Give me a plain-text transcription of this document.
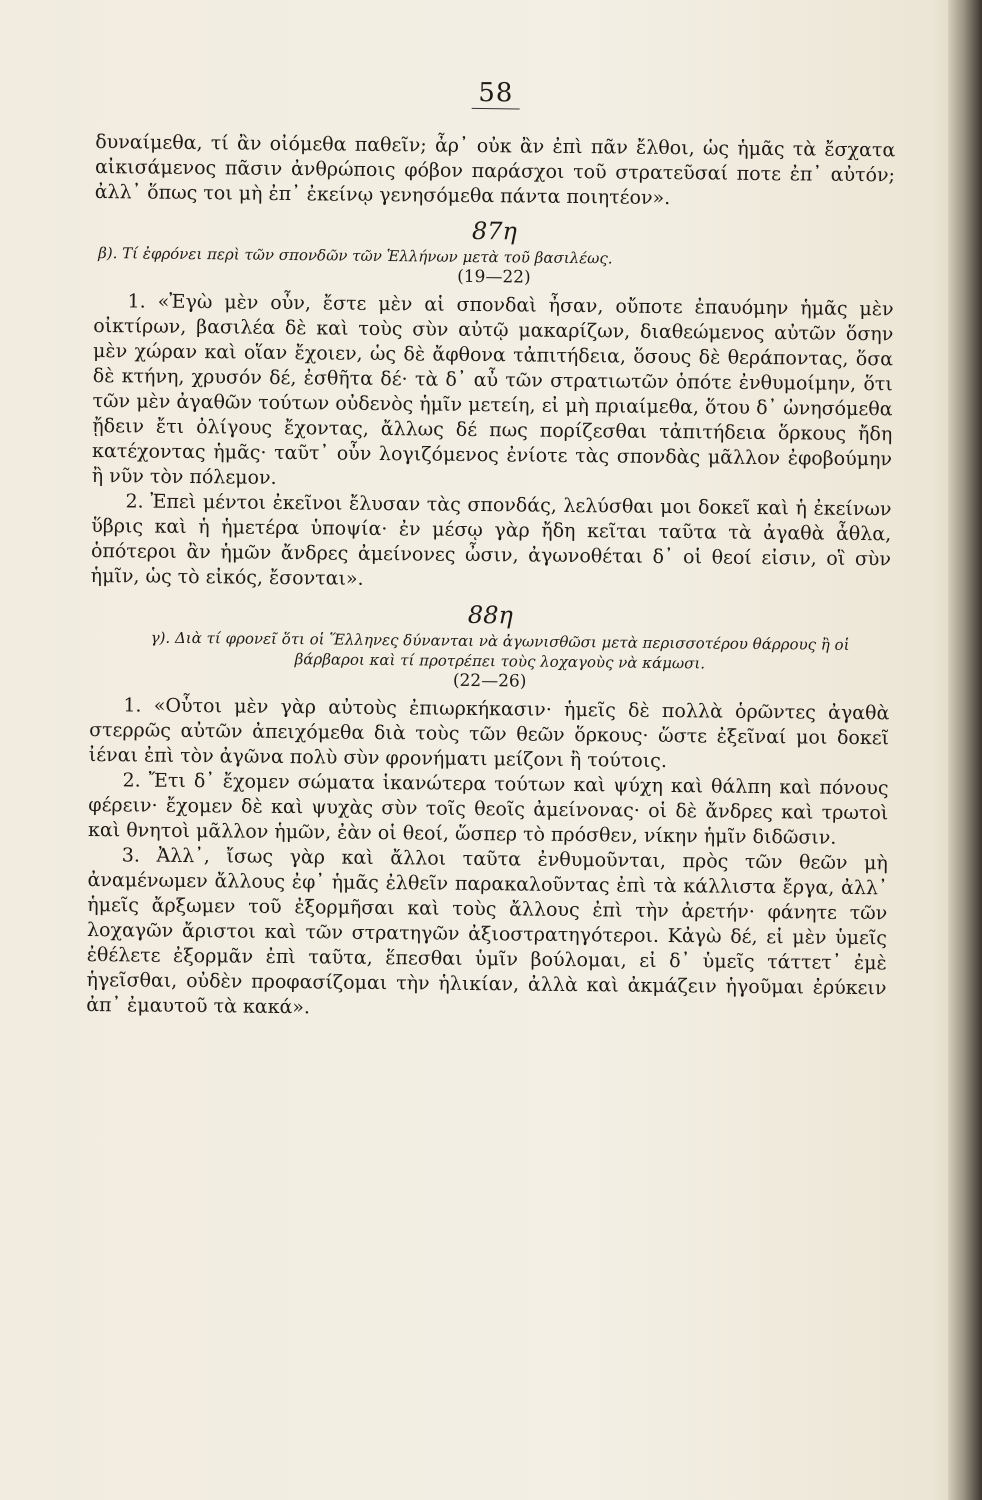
58

δυναίμεθα, τί ἂν οἰόμεθα παθεῖν; ἆρ᾽ οὐκ ἂν ἐπὶ πᾶν ἔλθοι, ὡς ἡμᾶς τὰ ἔσχατα αἰκισάμενος πᾶσιν ἀνθρώποις φόβον παράσχοι τοῦ στρατεῦσαί ποτε ἐπ᾽ αὐτόν; ἀλλ᾽ ὅπως τοι μὴ ἐπ᾽ ἐκείνῳ γενησόμεθα πάντα ποιητέον».

87η
β). Τί ἐφρόνει περὶ τῶν σπονδῶν τῶν Ἑλλήνων μετὰ τοῦ βασιλέως.
(19—22)

1. «Ἐγὼ μὲν οὖν, ἔστε μὲν αἱ σπονδαὶ ἦσαν, οὔποτε ἐπαυόμην ἡμᾶς μὲν οἰκτίρων, βασιλέα δὲ καὶ τοὺς σὺν αὐτῷ μακαρίζων, διαθεώμενος αὐτῶν ὅσην μὲν χώραν καὶ οἵαν ἔχοιεν, ὡς δὲ ἄφθονα τἀπιτήδεια, ὅσους δὲ θεράποντας, ὅσα δὲ κτήνη, χρυσόν δέ, ἐσθῆτα δέ· τὰ δ᾽ αὖ τῶν στρατιωτῶν ὁπότε ἐνθυμοίμην, ὅτι τῶν μὲν ἀγαθῶν τούτων οὐδενὸς ἡμῖν μετείη, εἰ μὴ πριαίμεθα, ὅτου δ᾽ ὠνησόμεθα ᾔδειν ἔτι ὀλίγους ἔχοντας, ἄλλως δέ πως πορίζεσθαι τἀπιτήδεια ὅρκους ἤδη κατέχοντας ἡμᾶς· ταῦτ᾽ οὖν λογιζόμενος ἐνίοτε τὰς σπονδὰς μᾶλλον ἐφοβούμην ἢ νῦν τὸν πόλεμον.

2. Ἐπεὶ μέντοι ἐκεῖνοι ἔλυσαν τὰς σπονδάς, λελύσθαι μοι δοκεῖ καὶ ἡ ἐκείνων ὕβρις καὶ ἡ ἡμετέρα ὑποψία· ἐν μέσῳ γὰρ ἤδη κεῖται ταῦτα τὰ ἀγαθὰ ἆθλα, ὁπότεροι ἂν ἡμῶν ἄνδρες ἀμείνονες ὦσιν, ἀγωνοθέται δ᾽ οἱ θεοί εἰσιν, οἳ σὺν ἡμῖν, ὡς τὸ εἰκός, ἔσονται».

88η
γ). Διὰ τί φρονεῖ ὅτι οἱ Ἕλληνες δύνανται νὰ ἀγωνισθῶσι μετὰ περισσοτέρου θάρρους ἢ οἱ βάρβαροι καὶ τί προτρέπει τοὺς λοχαγοὺς νὰ κάμωσι.
(22—26)

1. «Οὗτοι μὲν γὰρ αὐτοὺς ἐπιωρκήκασιν· ἡμεῖς δὲ πολλὰ ὁρῶντες ἀγαθὰ στερρῶς αὐτῶν ἀπειχόμεθα διὰ τοὺς τῶν θεῶν ὅρκους· ὥστε ἐξεῖναί μοι δοκεῖ ἰέναι ἐπὶ τὸν ἀγῶνα πολὺ σὺν φρονήματι μείζονι ἢ τούτοις.

2. Ἔτι δ᾽ ἔχομεν σώματα ἱκανώτερα τούτων καὶ ψύχη καὶ θάλπη καὶ πόνους φέρειν· ἔχομεν δὲ καὶ ψυχὰς σὺν τοῖς θεοῖς ἀμείνονας· οἱ δὲ ἄνδρες καὶ τρωτοὶ καὶ θνητοὶ μᾶλλον ἡμῶν, ἐὰν οἱ θεοί, ὥσπερ τὸ πρόσθεν, νίκην ἡμῖν διδῶσιν.

3. Ἀλλ᾽, ἴσως γὰρ καὶ ἄλλοι ταῦτα ἐνθυμοῦνται, πρὸς τῶν θεῶν μὴ ἀναμένωμεν ἄλλους ἐφ᾽ ἡμᾶς ἐλθεῖν παρακαλοῦντας ἐπὶ τὰ κάλλιστα ἔργα, ἀλλ᾽ ἡμεῖς ἄρξωμεν τοῦ ἐξορμῆσαι καὶ τοὺς ἄλλους ἐπὶ τὴν ἀρετήν· φάνητε τῶν λοχαγῶν ἄριστοι καὶ τῶν στρατηγῶν ἀξιοστρατηγότεροι. Κἀγὼ δέ, εἰ μὲν ὑμεῖς ἐθέλετε ἐξορμᾶν ἐπὶ ταῦτα, ἕπεσθαι ὑμῖν βούλομαι, εἰ δ᾽ ὑμεῖς τάττετ᾽ ἐμὲ ἡγεῖσθαι, οὐδὲν προφασίζομαι τὴν ἡλικίαν, ἀλλὰ καὶ ἀκμάζειν ἡγοῦμαι ἐρύκειν ἀπ᾽ ἐμαυτοῦ τὰ κακά».
